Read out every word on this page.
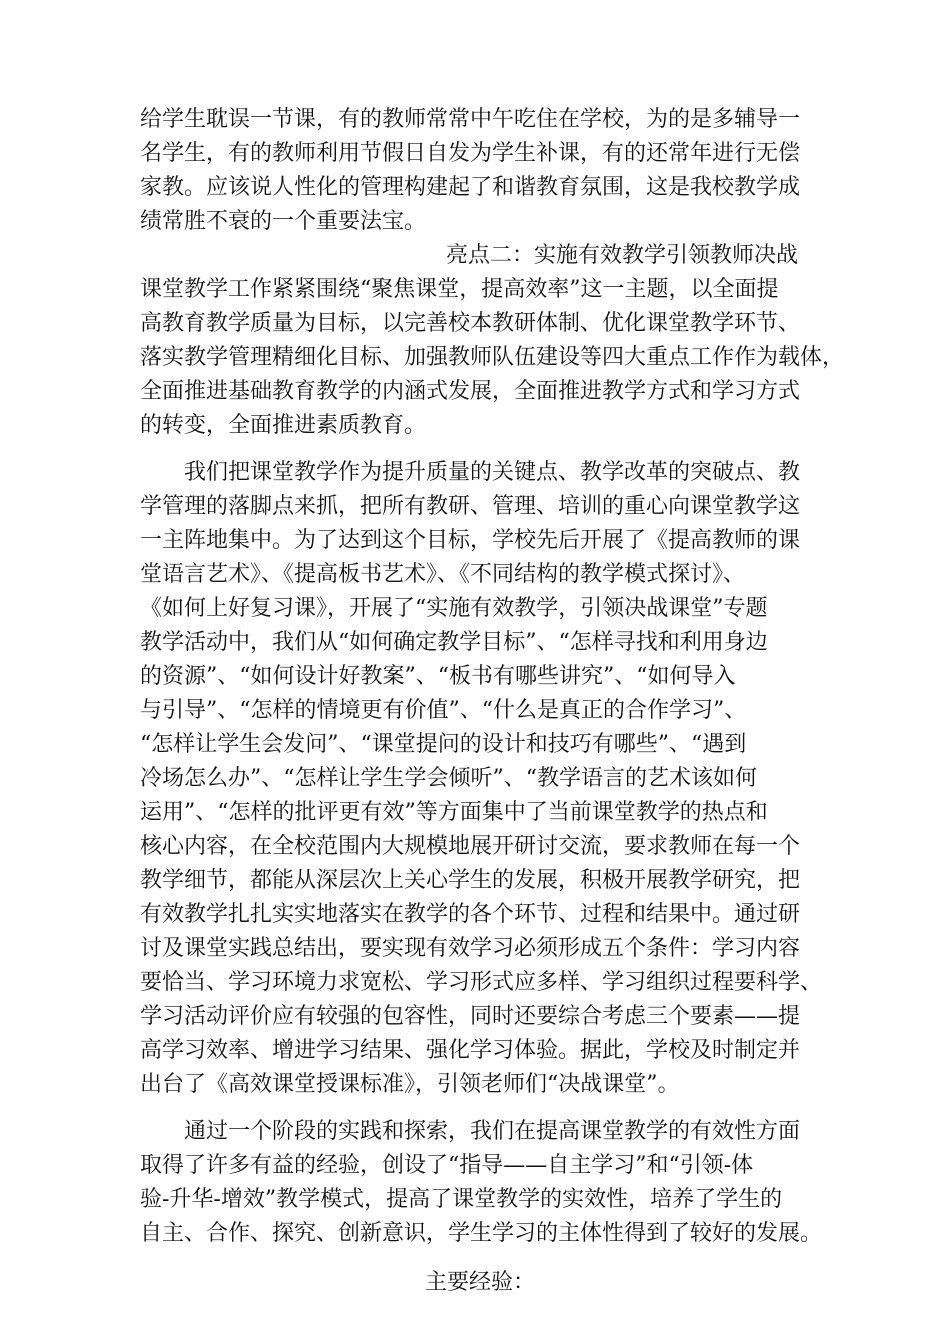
给学生耽误一节课，有的教师常常中午吃住在学校，为的是多辅导一
名学生，有的教师利用节假日自发为学生补课，有的还常年进行无偿
家教。应该说人性化的管理构建起了和谐教育氛围，这是我校教学成
绩常胜不衰的一个重要法宝。
亮点二：实施有效教学引领教师决战
课堂教学工作紧紧围绕“聚焦课堂，提高效率”这一主题，以全面提
高教育教学质量为目标，以完善校本教研体制、优化课堂教学环节、
落实教学管理精细化目标、加强教师队伍建设等四大重点工作作为载体，
全面推进基础教育教学的内涵式发展，全面推进教学方式和学习方式
的转变，全面推进素质教育。
我们把课堂教学作为提升质量的关键点、教学改革的突破点、教
学管理的落脚点来抓，把所有教研、管理、培训的重心向课堂教学这
一主阵地集中。为了达到这个目标，学校先后开展了《提高教师的课
堂语言艺术》、《提高板书艺术》、《不同结构的教学模式探讨》、
《如何上好复习课》，开展了“实施有效教学，引领决战课堂”专题
教学活动中，我们从“如何确定教学目标”、“怎样寻找和利用身边
的资源”、“如何设计好教案”、“板书有哪些讲究”、“如何导入
与引导”、“怎样的情境更有价值”、“什么是真正的合作学习”、
“怎样让学生会发问”、“课堂提问的设计和技巧有哪些”、“遇到
冷场怎么办”、“怎样让学生学会倾听”、“教学语言的艺术该如何
运用”、“怎样的批评更有效”等方面集中了当前课堂教学的热点和
核心内容，在全校范围内大规模地展开研讨交流，要求教师在每一个
教学细节，都能从深层次上关心学生的发展，积极开展教学研究，把
有效教学扎扎实实地落实在教学的各个环节、过程和结果中。通过研
讨及课堂实践总结出，要实现有效学习必须形成五个条件：学习内容
要恰当、学习环境力求宽松、学习形式应多样、学习组织过程要科学、
学习活动评价应有较强的包容性，同时还要综合考虑三个要素——提
高学习效率、增进学习结果、强化学习体验。据此，学校及时制定并
出台了《高效课堂授课标准》，引领老师们“决战课堂”。
通过一个阶段的实践和探索，我们在提高课堂教学的有效性方面
取得了许多有益的经验，创设了“指导——自主学习”和“引领-体
验-升华-增效”教学模式，提高了课堂教学的实效性，培养了学生的
自主、合作、探究、创新意识，学生学习的主体性得到了较好的发展。
主要经验：
